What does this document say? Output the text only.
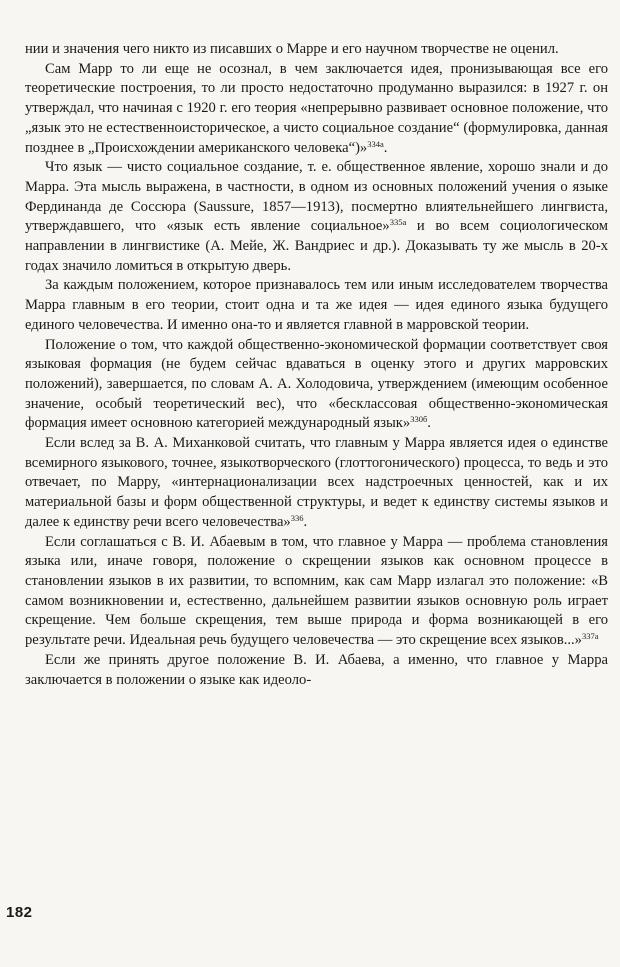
нии и значения чего никто из писавших о Марре и его научном творчестве не оценил.

Сам Марр то ли еще не осознал, в чем заключается идея, пронизывающая все его теоретические построения, то ли просто недостаточно продуманно выразился: в 1927 г. он утверждал, что начиная с 1920 г. его теория «непрерывно развивает основное положение, что „язык это не естественноисторическое, а чисто социальное создание“ (формулировка, данная позднее в „Происхождении американского человека“)»$^{334а}$.

Что язык — чисто социальное создание, т. е. общественное явление, хорошо знали и до Марра. Эта мысль выражена, в частности, в одном из основных положений учения о языке Фердинанда де Соссюра (Saussure, 1857—1913), посмертно влиятельнейшего лингвиста, утверждавшего, что «язык есть явление социальное»$^{335а}$ и во всем социологическом направлении в лингвистике (А. Мейе, Ж. Вандриес и др.). Доказывать ту же мысль в 20-х годах значило ломиться в открытую дверь.

За каждым положением, которое признавалось тем или иным исследователем творчества Марра главным в его теории, стоит одна и та же идея — идея единого языка будущего единого человечества. И именно она-то и является главной в марровской теории.

Положение о том, что каждой общественно-экономической формации соответствует своя языковая формация (не будем сейчас вдаваться в оценку этого и других марровских положений), завершается, по словам А. А. Холодовича, утверждением (имеющим особенное значение, особый теоретический вес), что «бесклассовая общественно-экономическая формация имеет основною категорией международный язык»$^{330б}$.

Если вслед за В. А. Миханковой считать, что главным у Марра является идея о единстве всемирного языкового, точнее, языкотворческого (глоттогонического) процесса, то ведь и это отвечает, по Марру, «интернационализации всех надстроечных ценностей, как и их материальной базы и форм общественной структуры, и ведет к единству системы языков и далее к единству речи всего человечества»$^{336}$.

Если соглашаться с В. И. Абаевым в том, что главное у Марра — проблема становления языка или, иначе говоря, положение о скрещении языков как основном процессе в становлении языков в их развитии, то вспомним, как сам Марр излагал это положение: «В самом возникновении и, естественно, дальнейшем развитии языков основную роль играет скрещение. Чем больше скрещения, тем выше природа и форма возникающей в его результате речи. Идеальная речь будущего человечества — это скрещение всех языков...»$^{337а}$

Если же принять другое положение В. И. Абаева, а именно, что главное у Марра заключается в положении о языке как идеоло-

182
